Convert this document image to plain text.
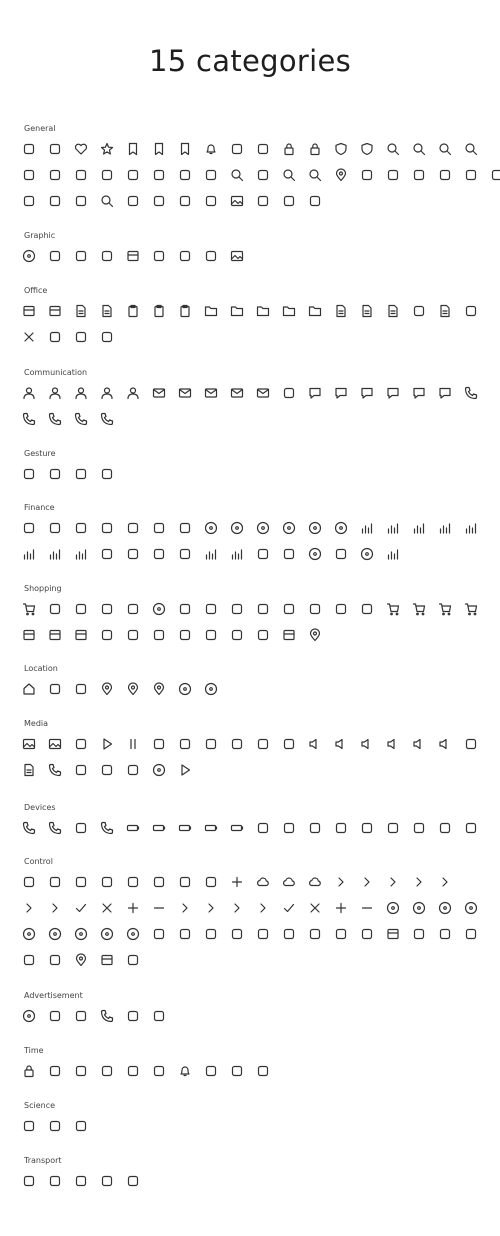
15 categories
General
Graphic
Office
Communication
Gesture
Finance
Shopping
Location
Media
Devices
Control
Advertisement
Time
Science
Transport
